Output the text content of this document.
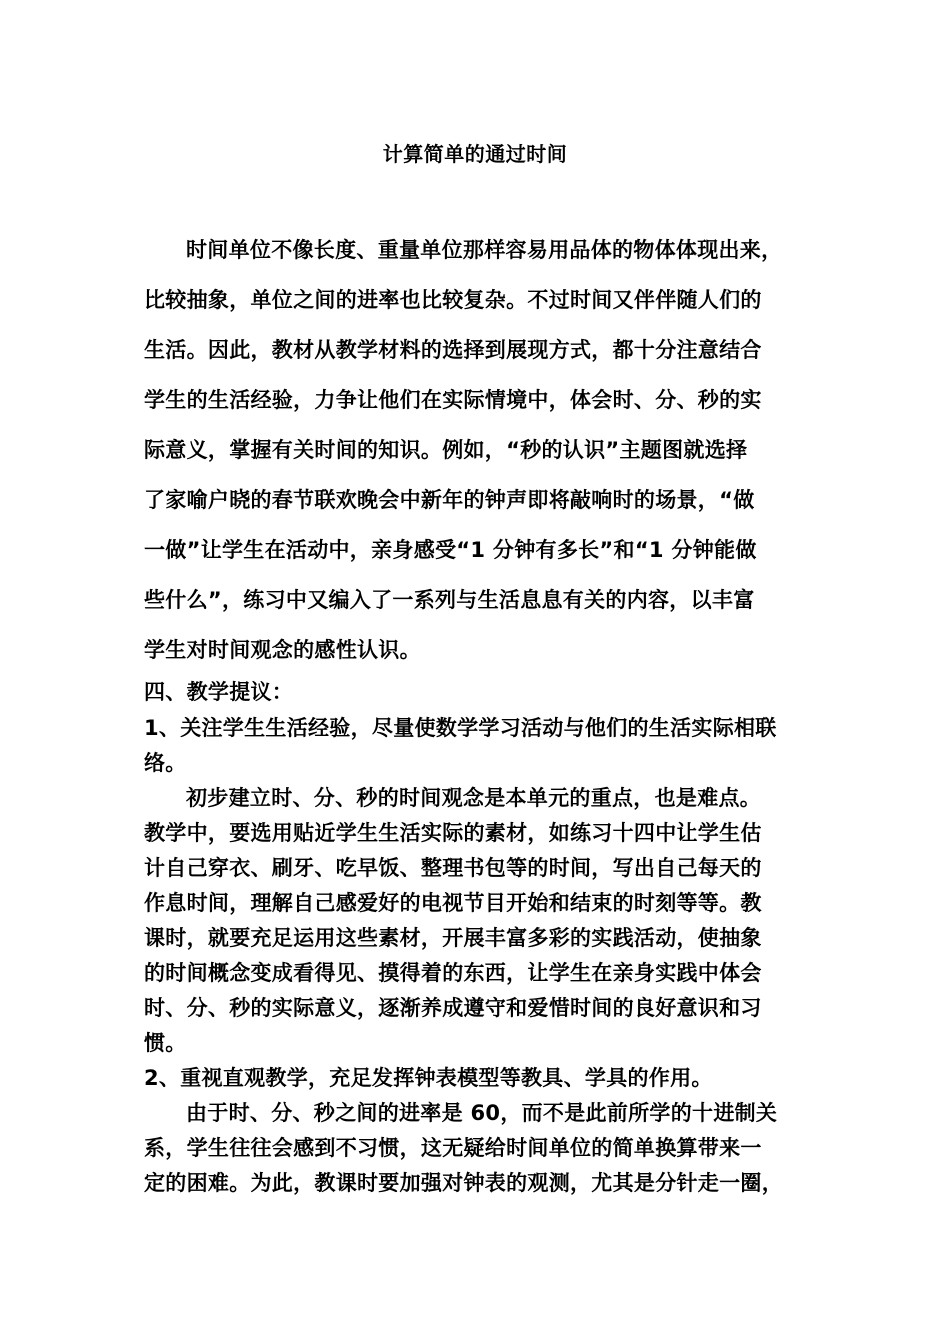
计算简单的通过时间
时间单位不像长度、重量单位那样容易用品体的物体体现出来，
比较抽象，单位之间的进率也比较复杂。不过时间又伴伴随人们的
生活。因此，教材从教学材料的选择到展现方式，都十分注意结合
学生的生活经验，力争让他们在实际情境中，体会时、分、秒的实
际意义，掌握有关时间的知识。例如，“秒的认识”主题图就选择
了家喻户晓的春节联欢晚会中新年的钟声即将敲响时的场景，“做
一做”让学生在活动中，亲身感受“1 分钟有多长”和“1 分钟能做
些什么”，练习中又编入了一系列与生活息息有关的内容，以丰富
学生对时间观念的感性认识。
四、教学提议：
1、关注学生生活经验，尽量使数学学习活动与他们的生活实际相联
络。
初步建立时、分、秒的时间观念是本单元的重点，也是难点。
教学中，要选用贴近学生生活实际的素材，如练习十四中让学生估
计自己穿衣、刷牙、吃早饭、整理书包等的时间，写出自己每天的
作息时间，理解自己感爱好的电视节目开始和结束的时刻等等。教
课时，就要充足运用这些素材，开展丰富多彩的实践活动，使抽象
的时间概念变成看得见、摸得着的东西，让学生在亲身实践中体会
时、分、秒的实际意义，逐渐养成遵守和爱惜时间的良好意识和习
惯。
2、重视直观教学，充足发挥钟表模型等教具、学具的作用。
由于时、分、秒之间的进率是 60，而不是此前所学的十进制关
系，学生往往会感到不习惯，这无疑给时间单位的简单换算带来一
定的困难。为此，教课时要加强对钟表的观测，尤其是分针走一圈，
